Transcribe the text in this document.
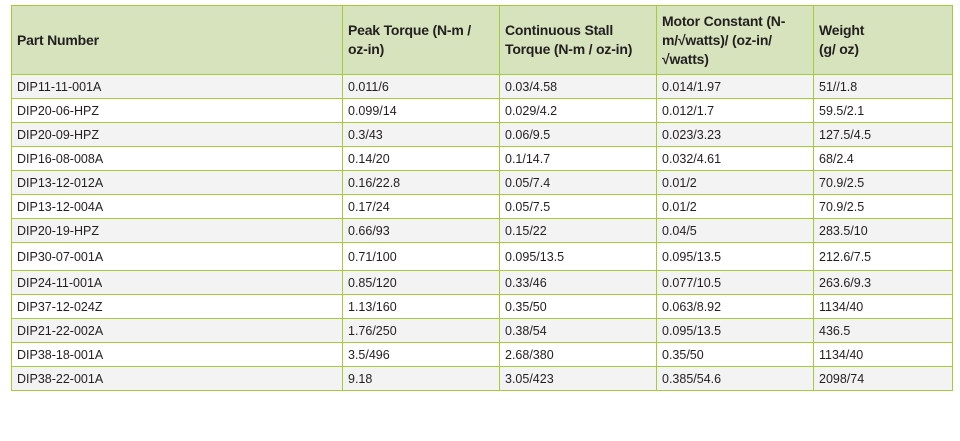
Part Number	Peak Torque (N-m / oz-in)	Continuous Stall Torque (N-m / oz-in)	Motor Constant (N-m/√watts)/ (oz-in/√watts)	Weight (g/ oz)
DIP11-11-001A	0.011/6	0.03/4.58	0.014/1.97	51//1.8
DIP20-06-HPZ	0.099/14	0.029/4.2	0.012/1.7	59.5/2.1
DIP20-09-HPZ	0.3/43	0.06/9.5	0.023/3.23	127.5/4.5
DIP16-08-008A	0.14/20	0.1/14.7	0.032/4.61	68/2.4
DIP13-12-012A	0.16/22.8	0.05/7.4	0.01/2	70.9/2.5
DIP13-12-004A	0.17/24	0.05/7.5	0.01/2	70.9/2.5
DIP20-19-HPZ	0.66/93	0.15/22	0.04/5	283.5/10
DIP30-07-001A	0.71/100	0.095/13.5	0.095/13.5	212.6/7.5
DIP24-11-001A	0.85/120	0.33/46	0.077/10.5	263.6/9.3
DIP37-12-024Z	1.13/160	0.35/50	0.063/8.92	1134/40
DIP21-22-002A	1.76/250	0.38/54	0.095/13.5	436.5
DIP38-18-001A	3.5/496	2.68/380	0.35/50	1134/40
DIP38-22-001A	9.18	3.05/423	0.385/54.6	2098/74
